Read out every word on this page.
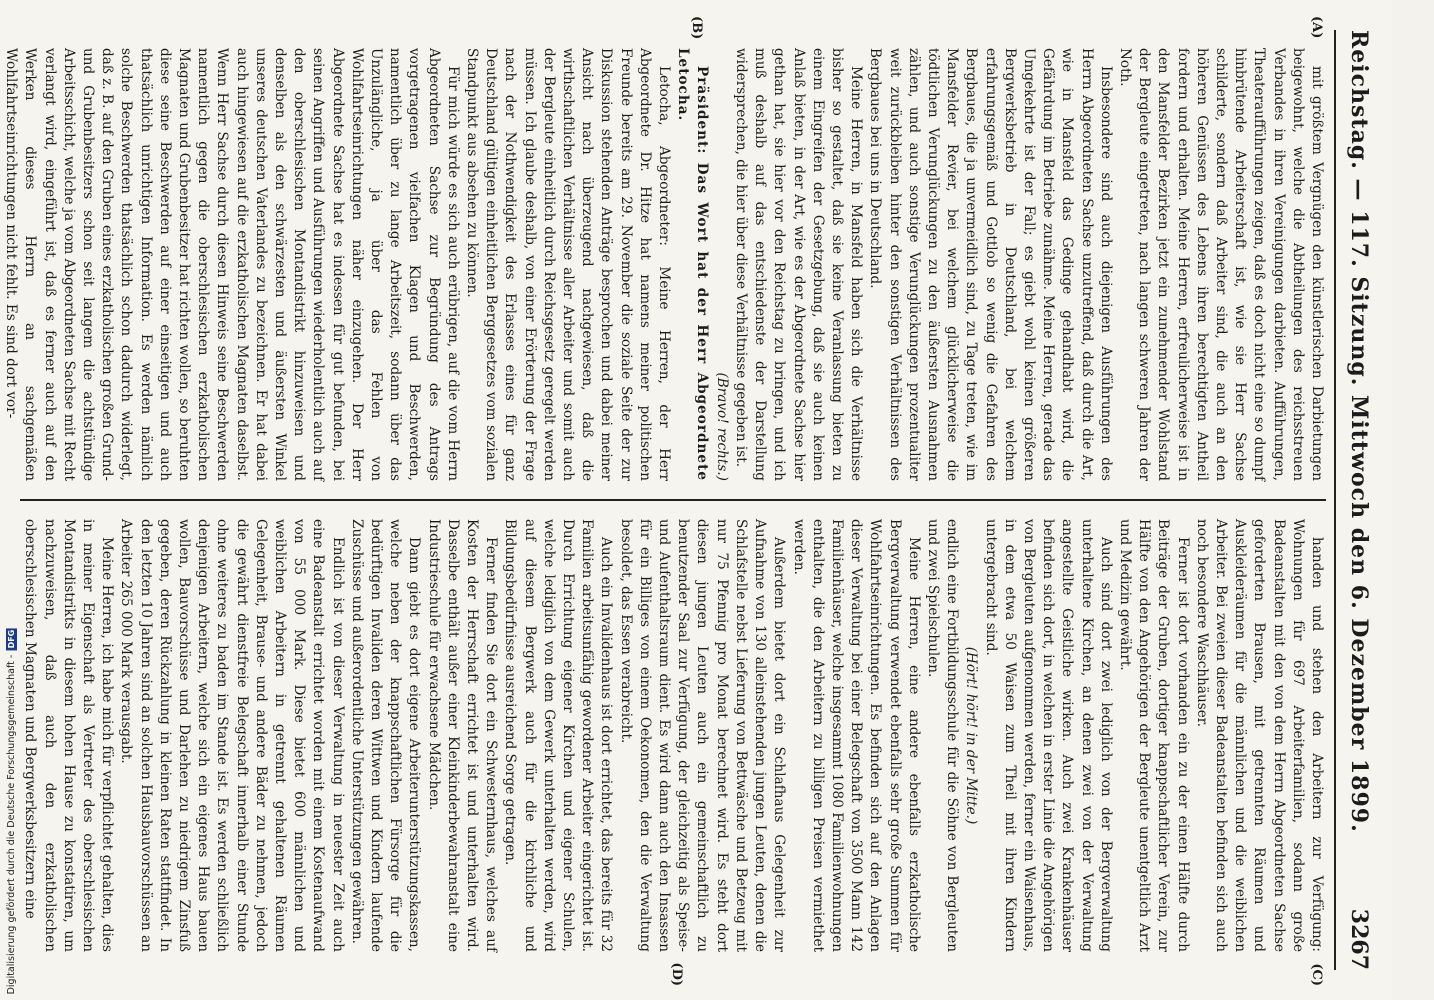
Reichstag. — 117. Sitzung. Mittwoch den 6. Dezember 1899.
3267
(A)
(B)

mit größtem Vergnügen den künstlerischen Darbietungen beigewohnt, welche die Abtheilungen des reichsstreuen Verbandes in ihren Vereinigungen darbieten. Aufführungen, Theateraufführungen zeigen, daß es doch nicht eine so dumpf hinbrütende Arbeiterschaft ist, wie sie Herr Sachse schilderte, sondern daß Arbeiter sind, die auch an den höheren Genüssen des Lebens ihren berechtigten Antheil fordern und erhalten. Meine Herren, erfreulicherweise ist in den Mansfelder Bezirken jetzt ein zunehmender Wohlstand der Bergleute eingetreten, nach langen schweren Jahren der Noth.

Insbesondere sind auch diejenigen Ausführungen des Herrn Abgeordneten Sachse unzutreffend, daß durch die Art, wie in Mansfeld das Gedinge gehandhabt wird, die Gefährdung im Betriebe zunähme. Meine Herren, gerade das Umgekehrte ist der Fall; es giebt wohl keinen größeren Bergwerksbetrieb in Deutschland, bei welchem erfahrungsgemäß und Gottlob so wenig die Gefahren des Bergbaues, die ja unvermeidlich sind, zu Tage treten, wie im Mansfelder Revier, bei welchem glücklicherweise die tödtlichen Verunglückungen zu den äußersten Ausnahmen zählen, und auch sonstige Verunglückungen prozentualiter weit zurückbleiben hinter den sonstigen Verhältnissen des Bergbaues bei uns in Deutschland.

Meine Herren, in Mansfeld haben sich die Verhältnisse bisher so gestaltet, daß sie keine Veranlassung bieten zu einem Eingreifen der Gesetzgebung, daß sie auch keinen Anlaß bieten, in der Art, wie es der Abgeordnete Sachse hier gethan hat, sie hier vor den Reichstag zu bringen, und ich muß deshalb auf das entschiedenste der Darstellung widersprechen, die hier über diese Verhältnisse gegeben ist.

(Bravo! rechts.)

Präsident: Das Wort hat der Herr Abgeordnete Letocha.

Letocha, Abgeordneter: Meine Herren, der Herr Abgeordnete Dr. Hitze hat namens meiner politischen Freunde bereits am 29. November die soziale Seite der zur Diskussion stehenden Anträge besprochen und dabei meiner Ansicht nach überzeugend nachgewiesen, daß die wirthschaftlichen Verhältnisse aller Arbeiter und somit auch der Bergleute einheitlich durch Reichsgesetz geregelt werden müssen. Ich glaube deshalb, von einer Erörterung der Frage nach der Nothwendigkeit des Erlasses eines für ganz Deutschland gültigen einheitlichen Berggesetzes vom sozialen Standpunkt aus absehen zu können.

Für mich würde es sich auch erübrigen, auf die vom Herrn Abgeordneten Sachse zur Begründung des Antrags vorgetragenen vielfachen Klagen und Beschwerden, namentlich über zu lange Arbeitszeit, sodann über das Unzulängliche, ja über das Fehlen von Wohlfahrtseinrichtungen näher einzugehen. Der Herr Abgeordnete Sachse hat es indessen für gut befunden, bei seinen Angriffen und Ausführungen wiederholentlich auch auf den oberschlesischen Montandistrikt hinzuweisen und denselben als den schwärzesten und äußersten Winkel unseres deutschen Vaterlandes zu bezeichnen. Er hat dabei auch hingewiesen auf die erzkatholischen Magnaten daselbst. Wenn Herr Sachse durch diesen Hinweis seine Beschwerden namentlich gegen die oberschlesischen erzkatholischen Magnaten und Grubenbesitzer hat richten wollen, so beruhten diese seine Beschwerden auf einer einseitigen und auch thatsächlich unrichtigen Information. Es werden nämlich solche Beschwerden thatsächlich schon dadurch widerlegt, daß z. B. auf den Gruben eines erzkatholischen großen Grund- und Grubenbesitzers schon seit langem die achtstündige Arbeitsschicht, welche ja vom Abgeordneten Sachse mit Recht verlangt wird, eingeführt ist, daß es ferner auch auf den Werken dieses Herrn an sachgemäßen Wohlfahrtseinrichtungen nicht fehlt. Es sind dort vor-

(C)
(D)

handen und stehen den Arbeitern zur Verfügung: Wohnungen für 697 Arbeiterfamilien, sodann große Badeanstalten mit den von dem Herrn Abgeordneten Sachse geforderten Brausen, mit getrennten Räumen und Auskleideräumen für die männlichen und die weiblichen Arbeiter. Bei zweien dieser Badeanstalten befinden sich auch noch besondere Waschhäuser.

Ferner ist dort vorhanden ein zu der einen Hälfte durch Beiträge der Gruben, dortiger knappschaftlicher Verein, zur Hälfte von den Angehörigen der Bergleute unentgeltlich Arzt und Medizin gewährt.

Auch sind dort zwei lediglich von der Bergverwaltung unterhaltene Kirchen, an denen zwei von der Verwaltung angestellte Geistliche wirken. Auch zwei Krankenhäuser befinden sich dort, in welchen in erster Linie die Angehörigen von Bergleuten aufgenommen werden, ferner ein Waisenhaus, in dem etwa 50 Waisen zum Theil mit ihren Kindern untergebracht sind.

(Hört! hört! in der Mitte.)

endlich eine Fortbildungsschule für die Söhne von Bergleuten und zwei Spielschulen.

Meine Herren, eine andere ebenfalls erzkatholische Bergverwaltung verwendet ebenfalls sehr große Summen für Wohlfahrtseinrichtungen. Es befinden sich auf den Anlagen dieser Verwaltung bei einer Belegschaft von 3500 Mann 142 Familienhäuser, welche insgesammt 1080 Familienwohnungen enthalten, die den Arbeitern zu billigen Preisen vermiethet werden.

Außerdem bietet dort ein Schlafhaus Gelegenheit zur Aufnahme von 130 alleinstehenden jungen Leuten, denen die Schlafstelle nebst Lieferung von Bettwäsche und Betzeug mit nur 75 Pfennig pro Monat berechnet wird. Es steht dort diesen jungen Leuten auch ein gemeinschaftlich zu benutzender Saal zur Verfügung, der gleichzeitig als Speise- und Aufenthaltsraum dient. Es wird dann auch den Insassen für ein Billiges von einem Oekonomen, den die Verwaltung besoldet, das Essen verabreicht.

Auch ein Invalidenhaus ist dort errichtet, das bereits für 32 Familien arbeitsunfähig gewordener Arbeiter eingerichtet ist. Durch Errichtung eigener Kirchen und eigener Schulen, welche lediglich von dem Gewerk unterhalten werden, wird auf diesem Bergwerk auch für die kirchliche und Bildungsbedürfnisse ausreichend Sorge getragen.

Ferner finden Sie dort ein Schwesternhaus, welches auf Kosten der Herrschaft errichtet ist und unterhalten wird. Dasselbe enthält außer einer Kleinkinderbewahranstalt eine Industrieschule für erwachsene Mädchen.

Dann giebt es dort eigene Arbeiterunterstützungskassen, welche neben der knappschaftlichen Fürsorge für die bedürftigen Invaliden deren Wittwen und Kindern laufende Zuschüsse und außerordentliche Unterstützungen gewähren.

Endlich ist von dieser Verwaltung in neuester Zeit auch eine Badeanstalt errichtet worden mit einem Kostenaufwand von 55 000 Mark. Diese bietet 600 männlichen und weiblichen Arbeitern in getrennt gehaltenen Räumen Gelegenheit, Brause- und andere Bäder zu nehmen, jedoch die gewährt dienstfreie Belegschaft innerhalb einer Stunde ohne weiteres zu baden im Stande ist. Es werden schließlich denjenigen Arbeitern, welche sich ein eigenes Haus bauen wollen, Bauvorschüsse und Darlehen zu niedrigem Zinsfuß gegeben, deren Rückzahlung in kleinen Raten stattfindet. In den letzten 10 Jahren sind an solchen Hausbauvorschüssen an Arbeiter 265 000 Mark verausgabt.

Meine Herren, ich habe mich für verpflichtet gehalten, dies in meiner Eigenschaft als Vertreter des oberschlesischen Montandistrikts in diesem hohen Hause zu konstatiren, um nachzuweisen, daß auch den erzkatholischen oberschlesischen Magnaten und Bergwerksbesitzern eine

Digitalisierung gefördert durch die Deutsche Forschungsgemeinschaft -
DFG
